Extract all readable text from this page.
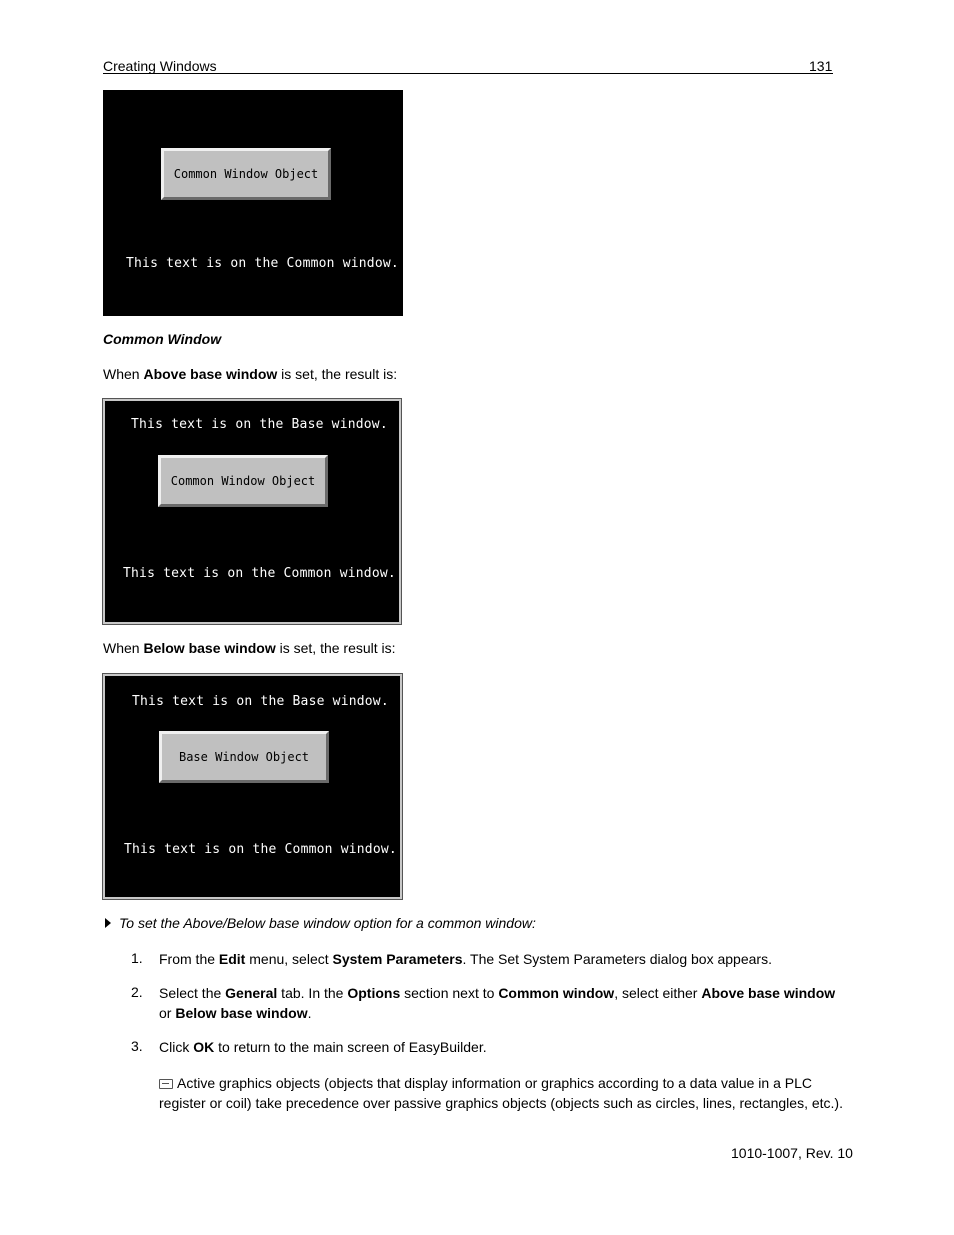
Creating Windows	131
Common Window Object
This text is on the Common window.
Common Window
When Above base window is set, the result is:
This text is on the Base window.
Common Window Object
This text is on the Common window.
When Below base window is set, the result is:
This text is on the Base window.
Base Window Object
This text is on the Common window.
To set the Above/Below base window option for a common window:
1. From the Edit menu, select System Parameters. The Set System Parameters dialog box appears.
2. Select the General tab. In the Options section next to Common window, select either Above base window or Below base window.
3. Click OK to return to the main screen of EasyBuilder.
Active graphics objects (objects that display information or graphics according to a data value in a PLC register or coil) take precedence over passive graphics objects (objects such as circles, lines, rectangles, etc.).
1010-1007, Rev. 10
